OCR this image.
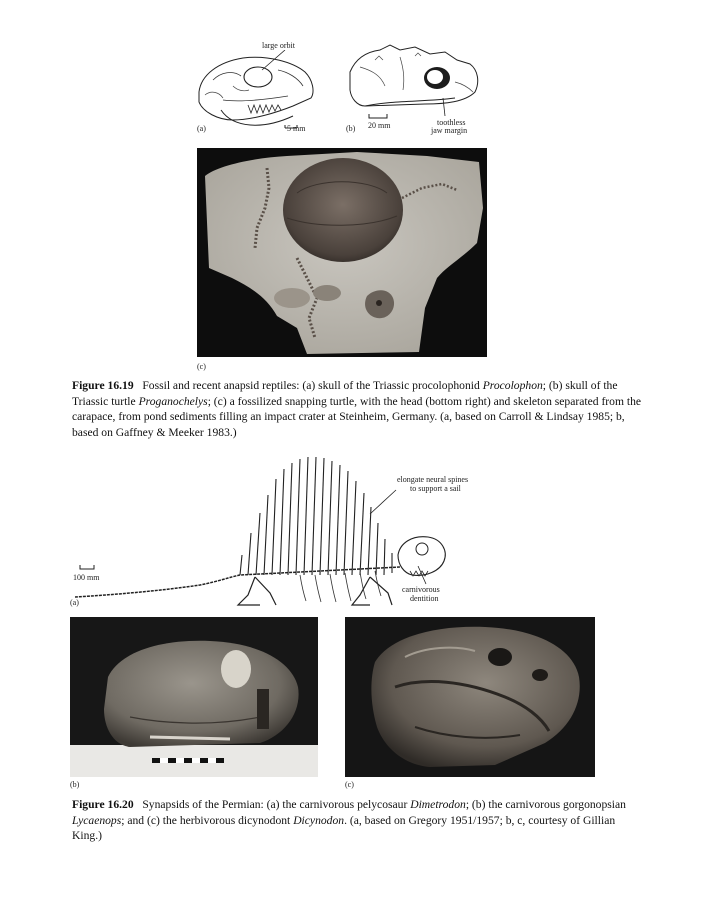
large orbit
(a)	5 mm	(b) 20 mm	toothless
jaw margin
(c)
Figure 16.19 Fossil and recent anapsid reptiles: (a) skull of the Triassic procolophonid Procolophon; (b) skull of the Triassic turtle Proganochelys; (c) a fossilized snapping turtle, with the head (bottom right) and skeleton separated from the carapace, from pond sediments filling an impact crater at Steinheim, Germany. (a, based on Carroll & Lindsay 1985; b, based on Gaffney & Meeker 1983.)
elongate neural spines
to support a sail
100 mm
carnivorous
dentition
(a)
(b)	(c)
Figure 16.20 Synapsids of the Permian: (a) the carnivorous pelycosaur Dimetrodon; (b) the carnivorous gorgonopsian Lycaenops; and (c) the herbivorous dicynodont Dicynodon. (a, based on Gregory 1951/1957; b, c, courtesy of Gillian King.)
